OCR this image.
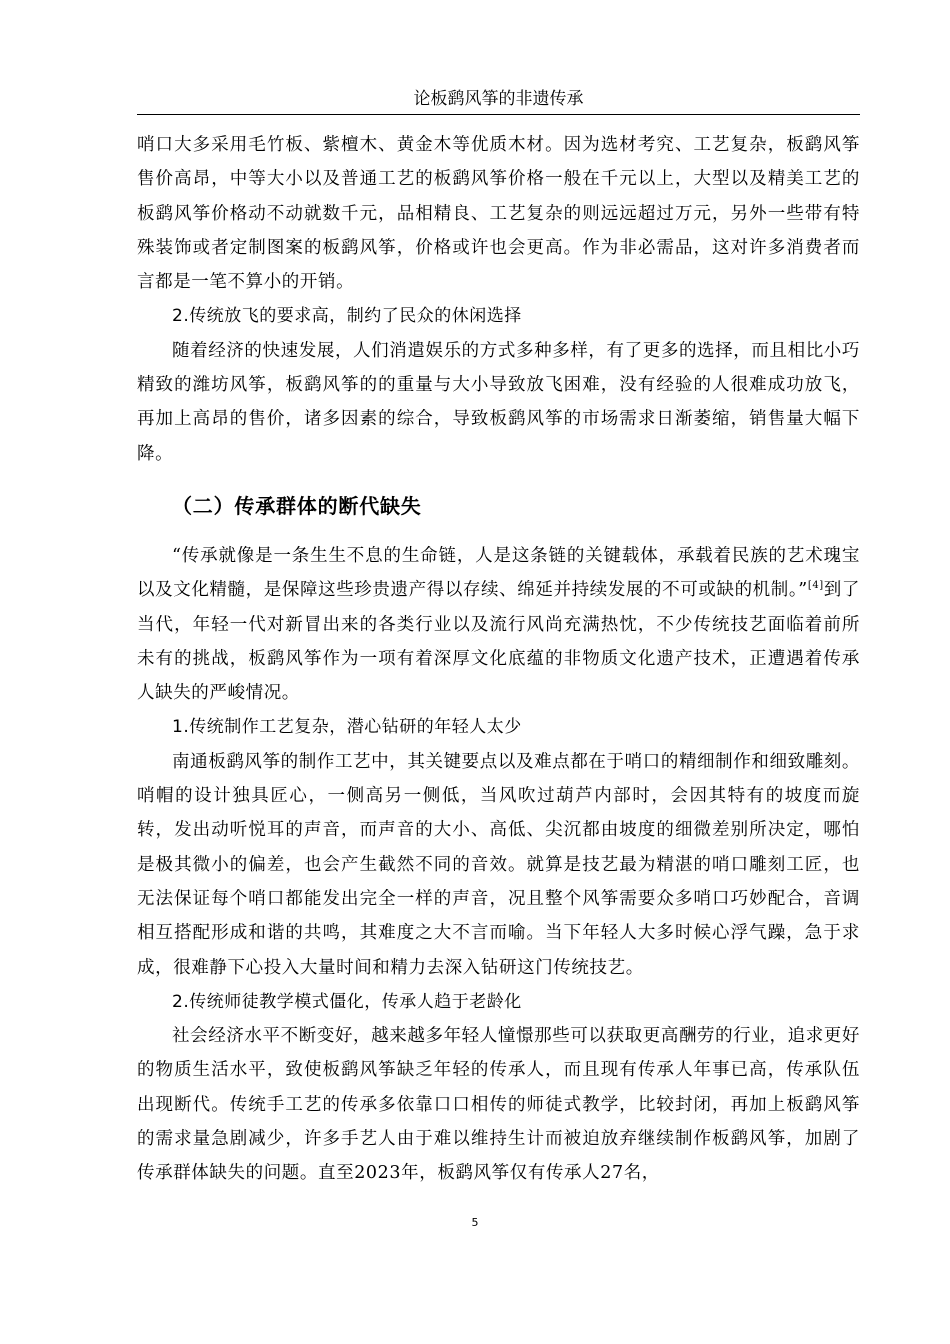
论板鹞风筝的非遗传承

哨口大多采用毛竹板、紫檀木、黄金木等优质木材。因为选材考究、工艺复杂，板鹞风筝售价高昂，中等大小以及普通工艺的板鹞风筝价格一般在千元以上，大型以及精美工艺的板鹞风筝价格动不动就数千元，品相精良、工艺复杂的则远远超过万元，另外一些带有特殊装饰或者定制图案的板鹞风筝，价格或许也会更高。作为非必需品，这对许多消费者而言都是一笔不算小的开销。

2.传统放飞的要求高，制约了民众的休闲选择

随着经济的快速发展，人们消遣娱乐的方式多种多样，有了更多的选择，而且相比小巧精致的潍坊风筝，板鹞风筝的的重量与大小导致放飞困难，没有经验的人很难成功放飞，再加上高昂的售价，诸多因素的综合，导致板鹞风筝的市场需求日渐萎缩，销售量大幅下降。

（二）传承群体的断代缺失

“传承就像是一条生生不息的生命链，人是这条链的关键载体，承载着民族的艺术瑰宝以及文化精髓，是保障这些珍贵遗产得以存续、绵延并持续发展的不可或缺的机制。”[4]到了当代，年轻一代对新冒出来的各类行业以及流行风尚充满热忱，不少传统技艺面临着前所未有的挑战，板鹞风筝作为一项有着深厚文化底蕴的非物质文化遗产技术，正遭遇着传承人缺失的严峻情况。

1.传统制作工艺复杂，潜心钻研的年轻人太少

南通板鹞风筝的制作工艺中，其关键要点以及难点都在于哨口的精细制作和细致雕刻。哨帽的设计独具匠心，一侧高另一侧低，当风吹过葫芦内部时，会因其特有的坡度而旋转，发出动听悦耳的声音，而声音的大小、高低、尖沉都由坡度的细微差别所决定，哪怕是极其微小的偏差，也会产生截然不同的音效。就算是技艺最为精湛的哨口雕刻工匠，也无法保证每个哨口都能发出完全一样的声音，况且整个风筝需要众多哨口巧妙配合，音调相互搭配形成和谐的共鸣，其难度之大不言而喻。当下年轻人大多时候心浮气躁，急于求成，很难静下心投入大量时间和精力去深入钻研这门传统技艺。

2.传统师徒教学模式僵化，传承人趋于老龄化

社会经济水平不断变好，越来越多年轻人憧憬那些可以获取更高酬劳的行业，追求更好的物质生活水平，致使板鹞风筝缺乏年轻的传承人，而且现有传承人年事已高，传承队伍出现断代。传统手工艺的传承多依靠口口相传的师徒式教学，比较封闭，再加上板鹞风筝的需求量急剧减少，许多手艺人由于难以维持生计而被迫放弃继续制作板鹞风筝，加剧了传承群体缺失的问题。直至2023年，板鹞风筝仅有传承人27名，

5
